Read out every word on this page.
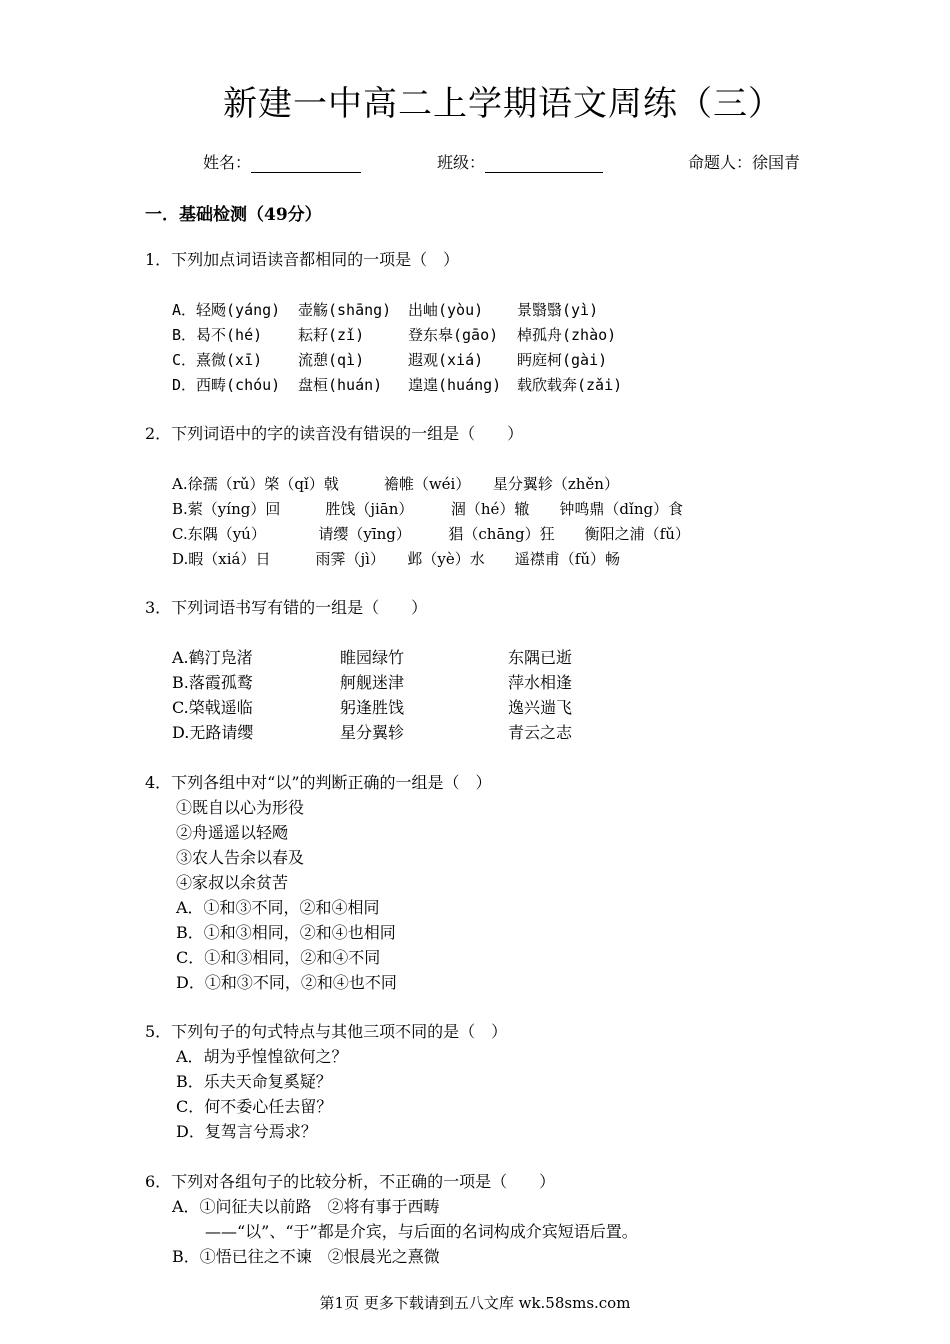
新建一中高二上学期语文周练（三）
姓名：	班级：	命题人：徐国青
一．基础检测（49分）
1．下列加点词语读音都相同的一项是（　）
A．轻飏(yáng) 壶觞(shāng) 出岫(yòu) 景翳翳(yì)
B．曷不(hé) 耘耔(zǐ)	登东皋(gāo) 棹孤舟(zhào)
C．熹微(xī) 流憩(qì)	遐观(xiá) 眄庭柯(gài)
D．西畴(chóu) 盘桓(huán) 遑遑(huáng) 载欣载奔(zǎi)
2．下列词语中的字的读音没有错误的一组是（　　）
A.徐孺（rǔ）棨（qǐ）戟　　　襜帷（wéi）　　星分翼轸（zhěn）
B.萦（yíng）回　　　胜饯（jiān）　　　涸（hé）辙　　钟鸣鼎（dǐng）食
C.东隅（yú）　　　　请缨（yīng）　　　猖（chāng）狂　　衡阳之浦（fǔ）
D.暇（xiá）日　　　雨霁（jì）　　邺（yè）水　　遥襟甫（fǔ）畅
3．下列词语书写有错的一组是（　　）
A.鹤汀凫渚	睢园绿竹	东隅已逝
B.落霞孤鹜	舸舰迷津	萍水相逢
C.棨戟遥临	躬逢胜饯	逸兴遄飞
D.无路请缨	星分翼轸	青云之志
4．下列各组中对“以”的判断正确的一组是（　）
①既自以心为形役
②舟遥遥以轻飏
③农人告余以春及
④家叔以余贫苦
A．①和③不同，②和④相同
B．①和③相同，②和④也相同
C．①和③相同，②和④不同
D．①和③不同，②和④也不同
5．下列句子的句式特点与其他三项不同的是（　）
A．胡为乎惶惶欲何之？
B．乐夫天命复奚疑？
C．何不委心任去留？
D．复驾言兮焉求？
6．下列对各组句子的比较分析，不正确的一项是（　　）
A．①问征夫以前路　②将有事于西畴
——“以”、“于”都是介宾，与后面的名词构成介宾短语后置。
B．①悟已往之不谏　②恨晨光之熹微
第1页 更多下载请到五八文库 wk.58sms.com
